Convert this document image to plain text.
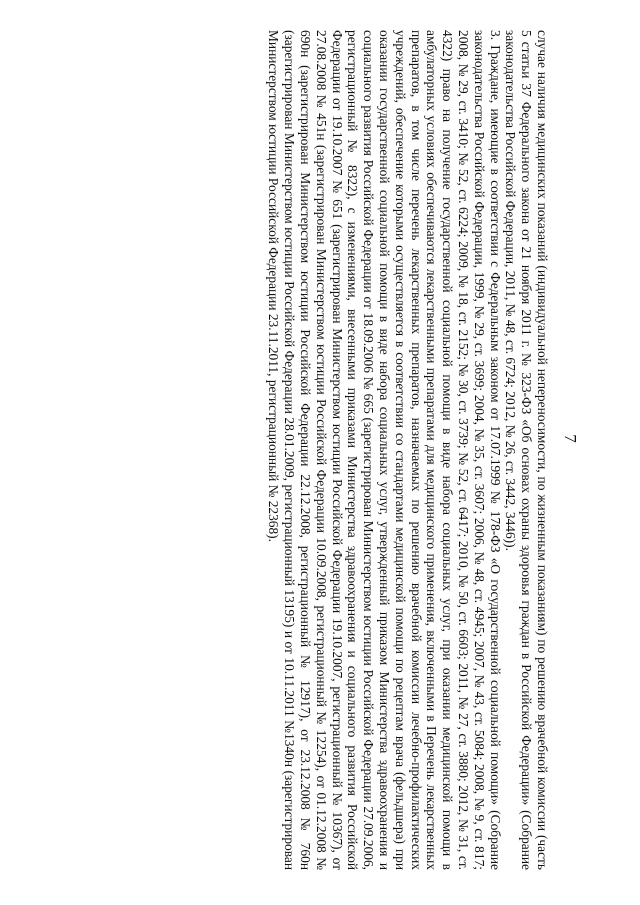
7

случае наличия медицинских показаний (индивидуальной непереносимости, по жизненным показаниям) по решению врачебной комиссии (часть 5 статьи 37 Федерального закона от 21 ноября 2011 г. № 323-ФЗ «Об основах охраны здоровья граждан в Российской Федерации» (Собрание законодательства Российской Федерации, 2011, № 48, ст. 6724; 2012, № 26, ст. 3442, 3446)).

3. Граждане, имеющие в соответствии с Федеральным законом от 17.07.1999 № 178-ФЗ «О государственной социальной помощи» (Собрание законодательства Российской Федерации, 1999, № 29, ст. 3699; 2004, № 35, ст. 3607; 2006, № 48, ст. 4945; 2007, № 43, ст. 5084; 2008, № 9, ст. 817; 2008, № 29, ст. 3410; № 52, ст. 6224; 2009, № 18, ст. 2152; № 30, ст. 3739; № 52, ст. 6417; 2010, № 50, ст. 6603; 2011, № 27, ст. 3880; 2012, № 31, ст. 4322) право на получение государственной социальной помощи в виде набора социальных услуг, при оказании медицинской помощи в амбулаторных условиях обеспечиваются лекарственными препаратами для медицинского применения, включенными в Перечень лекарственных препаратов, в том числе перечень лекарственных препаратов, назначаемых по решению врачебной комиссии лечебно-профилактических учреждений, обеспечение которыми осуществляется в соответствии со стандартами медицинской помощи по рецептам врача (фельдшера) при оказании государственной социальной помощи в виде набора социальных услуг, утвержденный приказом Министерства здравоохранения и социального развития Российской Федерации от 18.09.2006 № 665 (зарегистрирован Министерством юстиции Российской Федерации 27.09.2006, регистрационный № 8322), с изменениями, внесенными приказами Министерства здравоохранения и социального развития Российской Федерации от 19.10.2007 № 651 (зарегистрирован Министерством юстиции Российской Федерации 19.10.2007, регистрационный № 10367), от 27.08.2008 № 451н (зарегистрирован Министерством юстиции Российской Федерации 10.09.2008, регистрационный № 12254), от 01.12.2008 № 690н (зарегистрирован Министерством юстиции Российской Федерации 22.12.2008, регистрационный № 12917), от 23.12.2008 № 760н (зарегистрирован Министерством юстиции Российской Федерации 28.01.2009, регистрационный 13195) и от 10.11.2011 №1340н (зарегистрирован Министерством юстиции Российской Федерации 23.11.2011, регистрационный № 22368).
